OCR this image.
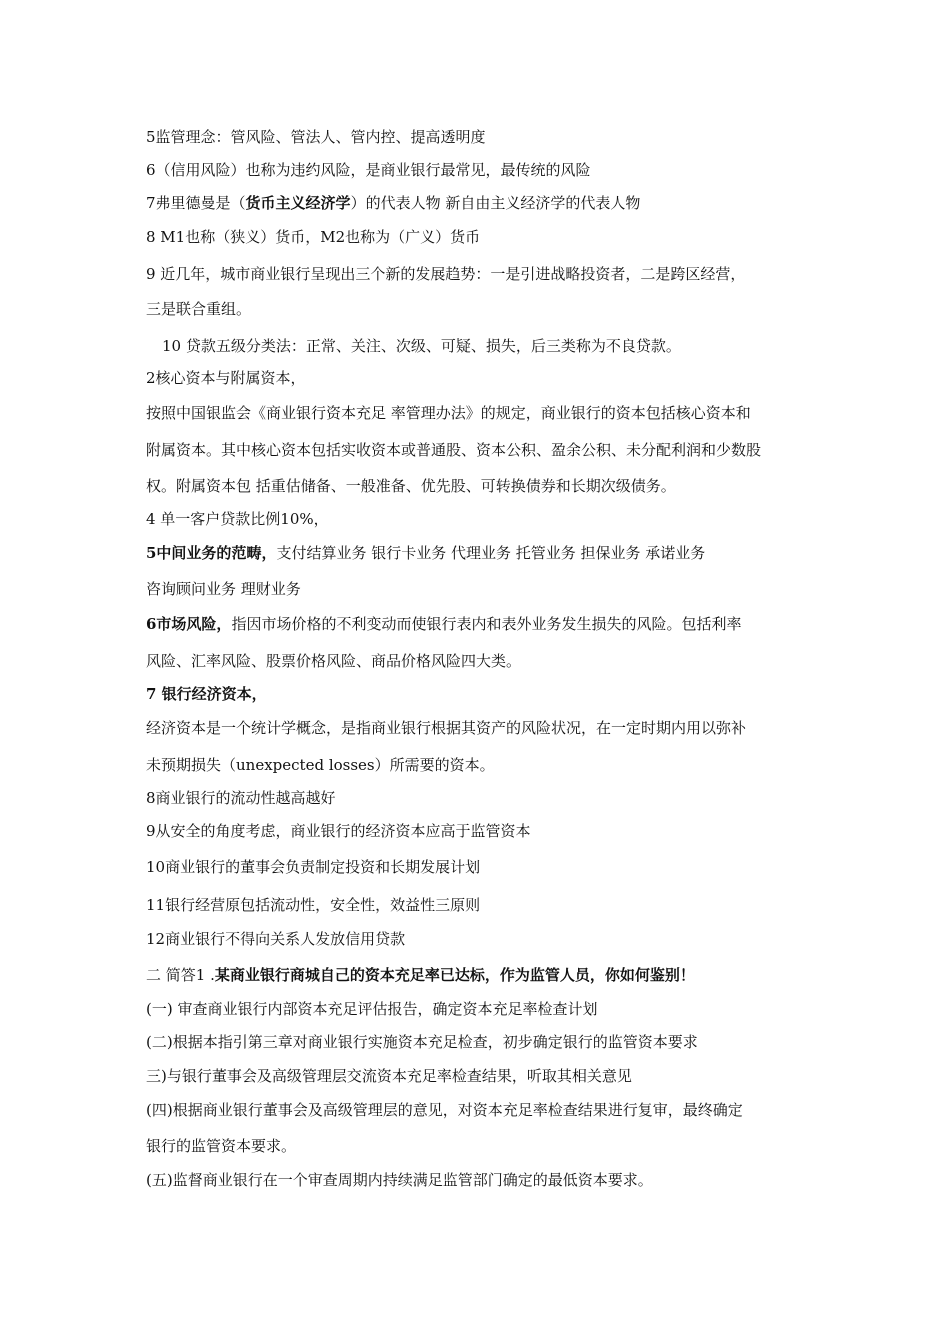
5监管理念：管风险、管法人、管内控、提高透明度

6（信用风险）也称为违约风险，是商业银行最常见，最传统的风险

7弗里德曼是（货币主义经济学）的代表人物 新自由主义经济学的代表人物

8 M1也称（狭义）货币，M2也称为（广义）货币

9 近几年，城市商业银行呈现出三个新的发展趋势：一是引进战略投资者，二是跨区经营，

三是联合重组。

10 贷款五级分类法：正常、关注、次级、可疑、损失，后三类称为不良贷款。

2核心资本与附属资本，

按照中国银监会《商业银行资本充足 率管理办法》的规定，商业银行的资本包括核心资本和

附属资本。其中核心资本包括实收资本或普通股、资本公积、盈余公积、未分配利润和少数股

权。附属资本包 括重估储备、一般准备、优先股、可转换债券和长期次级债务。

4 单一客户贷款比例10%，

5中间业务的范畴，支付结算业务 银行卡业务 代理业务 托管业务 担保业务 承诺业务

咨询顾问业务 理财业务

6市场风险，指因市场价格的不利变动而使银行表内和表外业务发生损失的风险。包括利率

风险、汇率风险、股票价格风险、商品价格风险四大类。

7 银行经济资本，

经济资本是一个统计学概念，是指商业银行根据其资产的风险状况，在一定时期内用以弥补

未预期损失（unexpected losses）所需要的资本。

8商业银行的流动性越高越好

9从安全的角度考虑，商业银行的经济资本应高于监管资本

10商业银行的董事会负责制定投资和长期发展计划

11银行经营原包括流动性，安全性，效益性三原则

12商业银行不得向关系人发放信用贷款

二 简答1 .某商业银行商城自己的资本充足率已达标，作为监管人员，你如何鉴别！

(一) 审查商业银行内部资本充足评估报告，确定资本充足率检查计划

(二)根据本指引第三章对商业银行实施资本充足检查，初步确定银行的监管资本要求

三)与银行董事会及高级管理层交流资本充足率检查结果，听取其相关意见

(四)根据商业银行董事会及高级管理层的意见，对资本充足率检查结果进行复审，最终确定

银行的监管资本要求。

(五)监督商业银行在一个审查周期内持续满足监管部门确定的最低资本要求。
